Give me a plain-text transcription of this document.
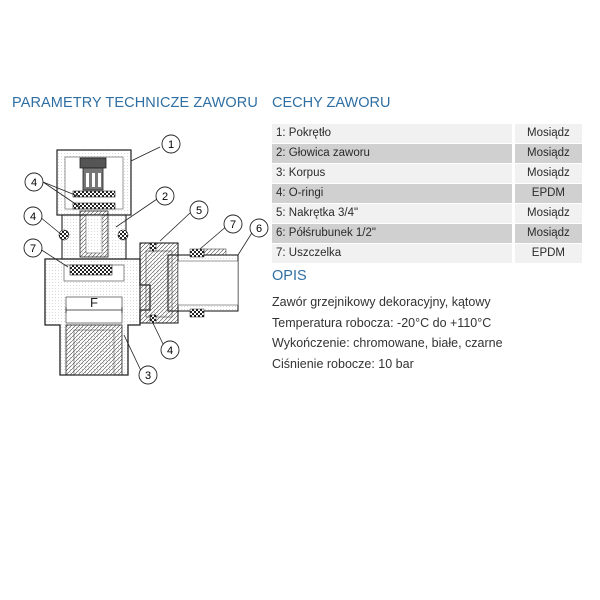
PARAMETRY TECHNICZE ZAWORU CECHY ZAWORU
F
1
4
2
4	5
7 6
7
4
3
1: Pokrętło	Mosiądz
2: Głowica zaworu	Mosiądz
3: Korpus	Mosiądz
4: O-ringi	EPDM
5: Nakrętka 3/4"	Mosiądz
6: Półśrubunek 1/2"	Mosiądz
7: Uszczelka	EPDM
OPIS
Zawór grzejnikowy dekoracyjny, kątowy
Temperatura robocza: -20°C do +110°C
Wykończenie: chromowane, białe, czarne
Ciśnienie robocze: 10 bar
